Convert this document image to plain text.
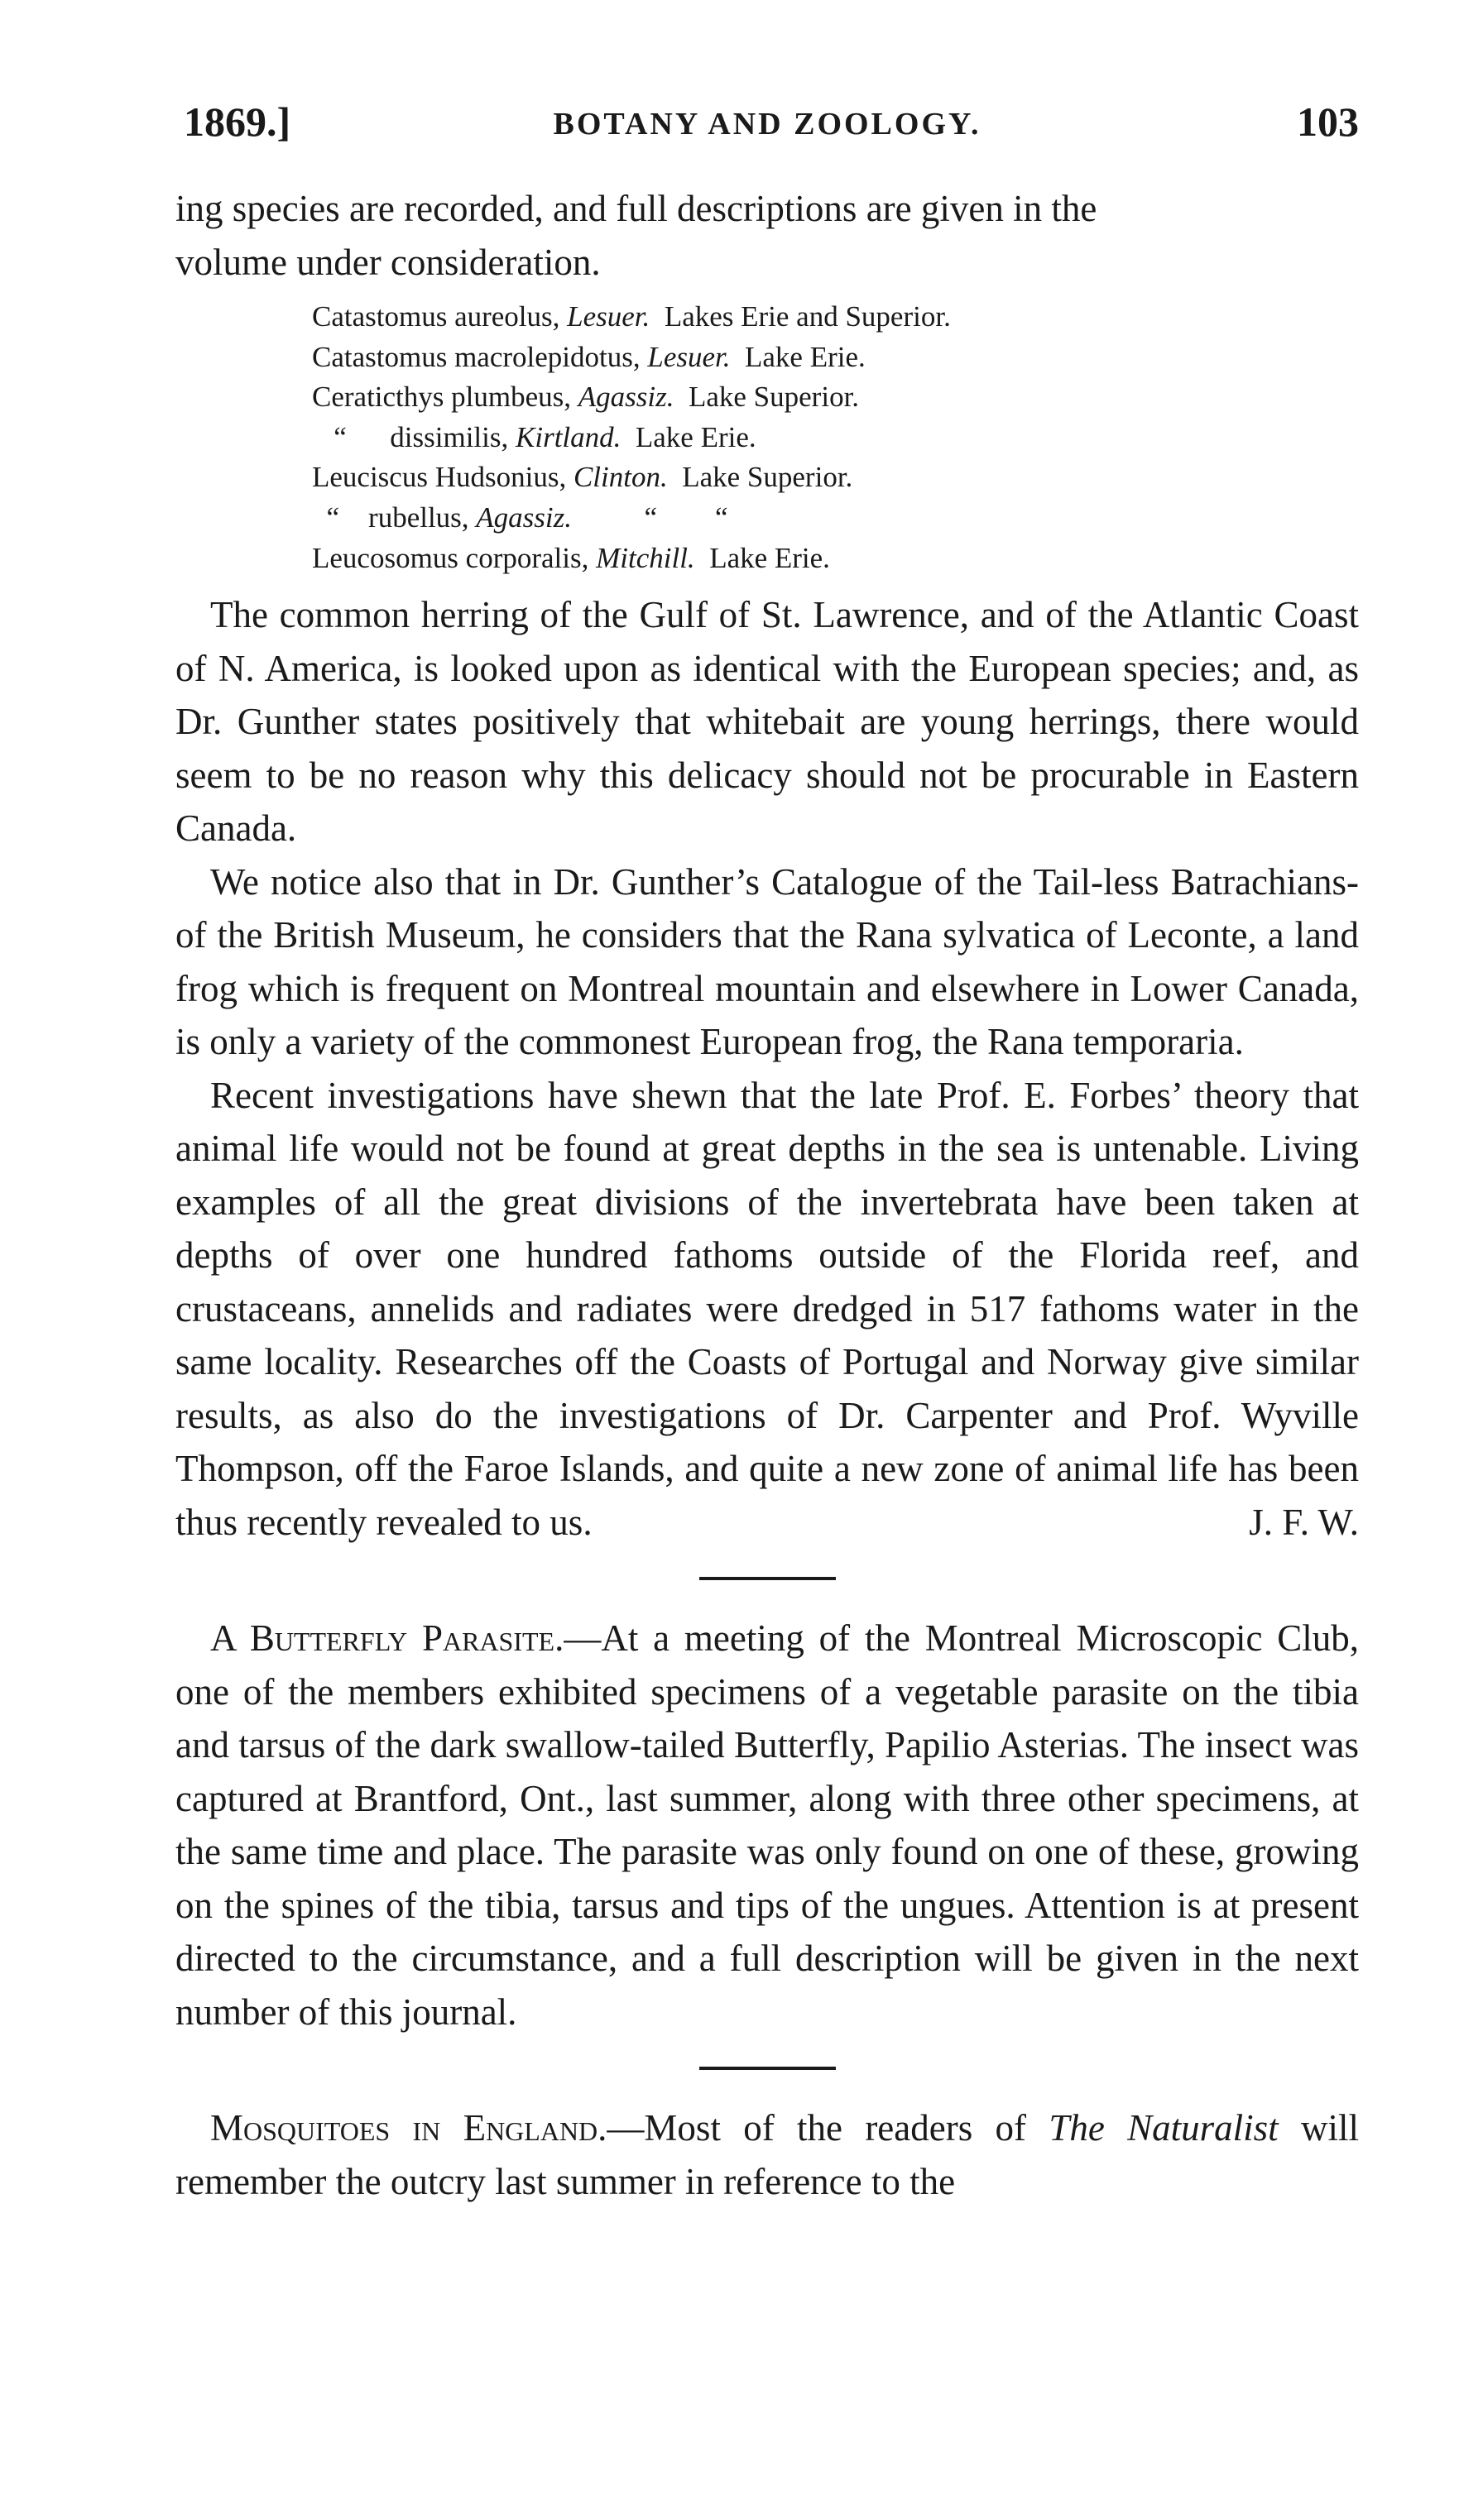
1869.]	BOTANY AND ZOOLOGY.	103

ing species are recorded, and full descriptions are given in the
volume under consideration.

Catastomus aureolus, Lesuer.  Lakes Erie and Superior.
Catastomus macrolepidotus, Lesuer.  Lake Erie.
Ceraticthys plumbeus, Agassiz.  Lake Superior.
“      dissimilis, Kirtland.  Lake Erie.
Leuciscus Hudsonius, Clinton.  Lake Superior.
“    rubellus, Agassiz.          “        “
Leucosomus corporalis, Mitchill.  Lake Erie.

The common herring of the Gulf of St. Lawrence, and of the Atlantic Coast of N. America, is looked upon as identical with the European species; and, as Dr. Gunther states positively that whitebait are young herrings, there would seem to be no reason why this delicacy should not be procurable in Eastern Canada.

We notice also that in Dr. Gunther’s Catalogue of the Tail-less Batrachians-of the British Museum, he considers that the Rana sylvatica of Leconte, a land frog which is frequent on Montreal mountain and elsewhere in Lower Canada, is only a variety of the commonest European frog, the Rana temporaria.

Recent investigations have shewn that the late Prof. E. Forbes’ theory that animal life would not be found at great depths in the sea is untenable. Living examples of all the great divisions of the invertebrata have been taken at depths of over one hundred fathoms outside of the Florida reef, and crustaceans, annelids and radiates were dredged in 517 fathoms water in the same locality. Researches off the Coasts of Portugal and Norway give similar results, as also do the investigations of Dr. Carpenter and Prof. Wyville Thompson, off the Faroe Islands, and quite a new zone of animal life has been thus recently revealed to us.	J. F. W.

A Butterfly Parasite.—At a meeting of the Montreal Microscopic Club, one of the members exhibited specimens of a vegetable parasite on the tibia and tarsus of the dark swallow-tailed Butterfly, Papilio Asterias. The insect was captured at Brantford, Ont., last summer, along with three other specimens, at the same time and place. The parasite was only found on one of these, growing on the spines of the tibia, tarsus and tips of the ungues. Attention is at present directed to the circumstance, and a full description will be given in the next number of this journal.

Mosquitoes in England.—Most of the readers of The Naturalist will remember the outcry last summer in reference to the
